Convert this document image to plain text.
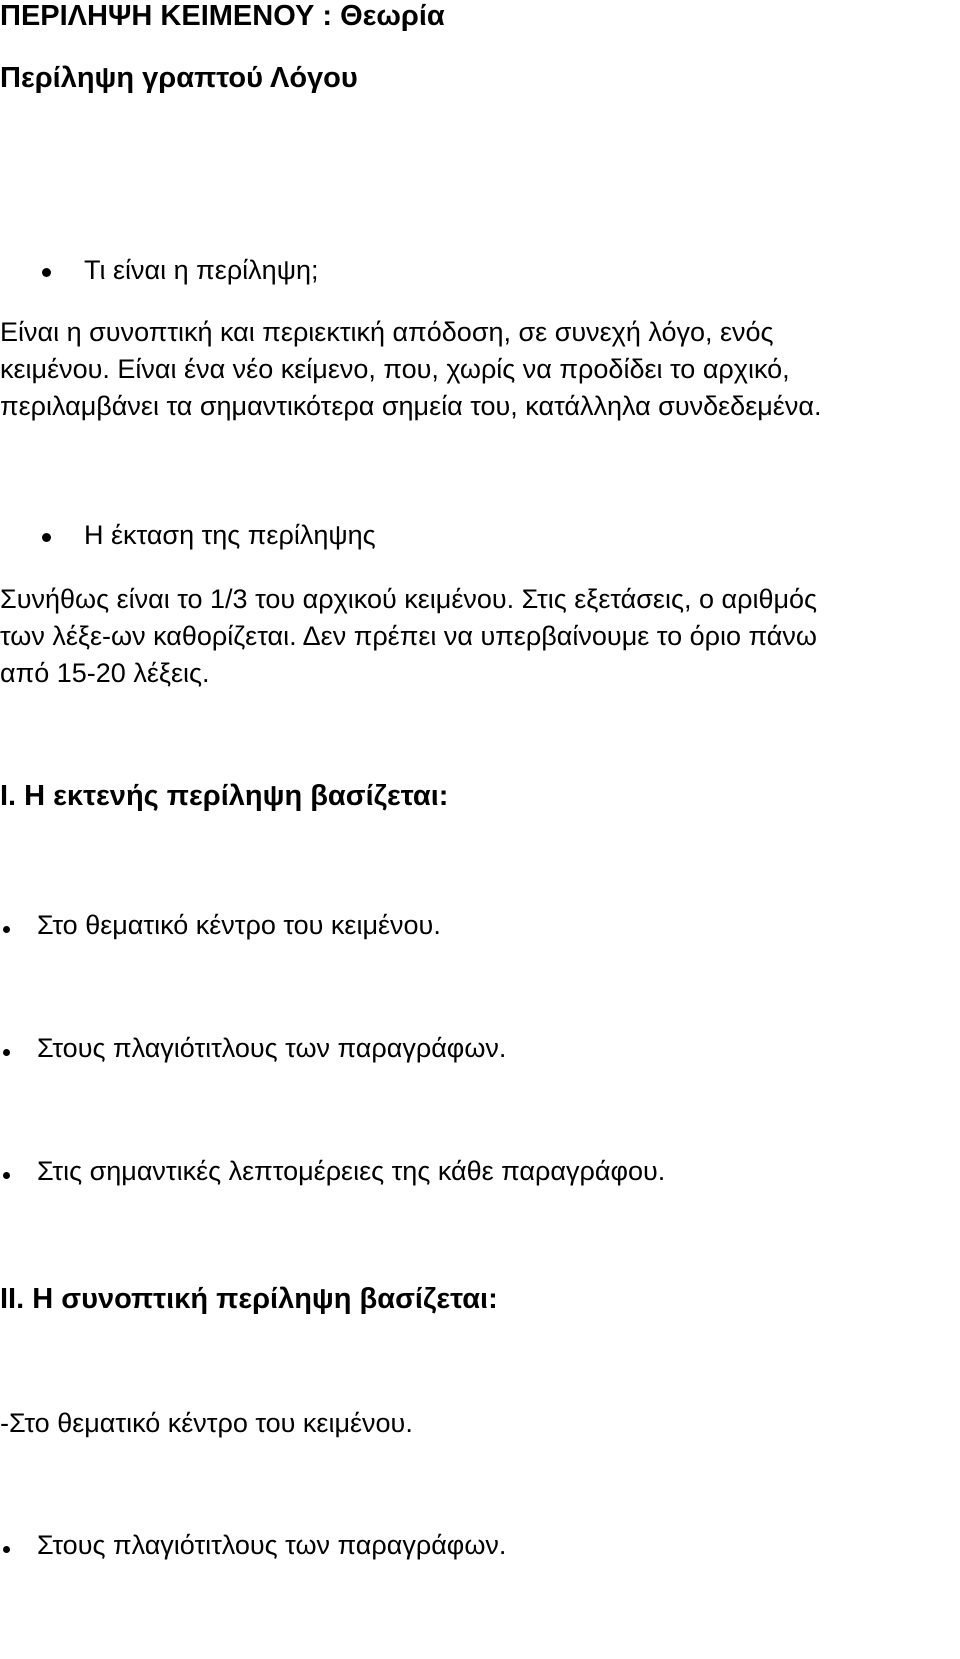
ΠΕΡΙΛΗΨΗ ΚΕΙΜΕΝΟΥ : Θεωρία
Περίληψη γραπτού Λόγου
Τι είναι η περίληψη;
Είναι η συνοπτική και περιεκτική απόδοση, σε συνεχή λόγο, ενός
κειμένου. Είναι ένα νέο κείμενο, που, χωρίς να προδίδει το αρχικό,
περιλαμβάνει τα σημαντικότερα σημεία του, κατάλληλα συνδεδεμένα.
Η έκταση της περίληψης
Συνήθως είναι το 1/3 του αρχικού κειμένου. Στις εξετάσεις, ο αριθμός
των λέξε-ων καθορίζεται. Δεν πρέπει να υπερβαίνουμε το όριο πάνω
από 15-20 λέξεις.
Ι. Η εκτενής περίληψη βασίζεται:
Στο θεματικό κέντρο του κειμένου.
Στους πλαγιότιτλους των παραγράφων.
Στις σημαντικές λεπτομέρειες της κάθε παραγράφου.
ΙΙ. Η συνοπτική περίληψη βασίζεται:
-Στο θεματικό κέντρο του κειμένου.
Στους πλαγιότιτλους των παραγράφων.
